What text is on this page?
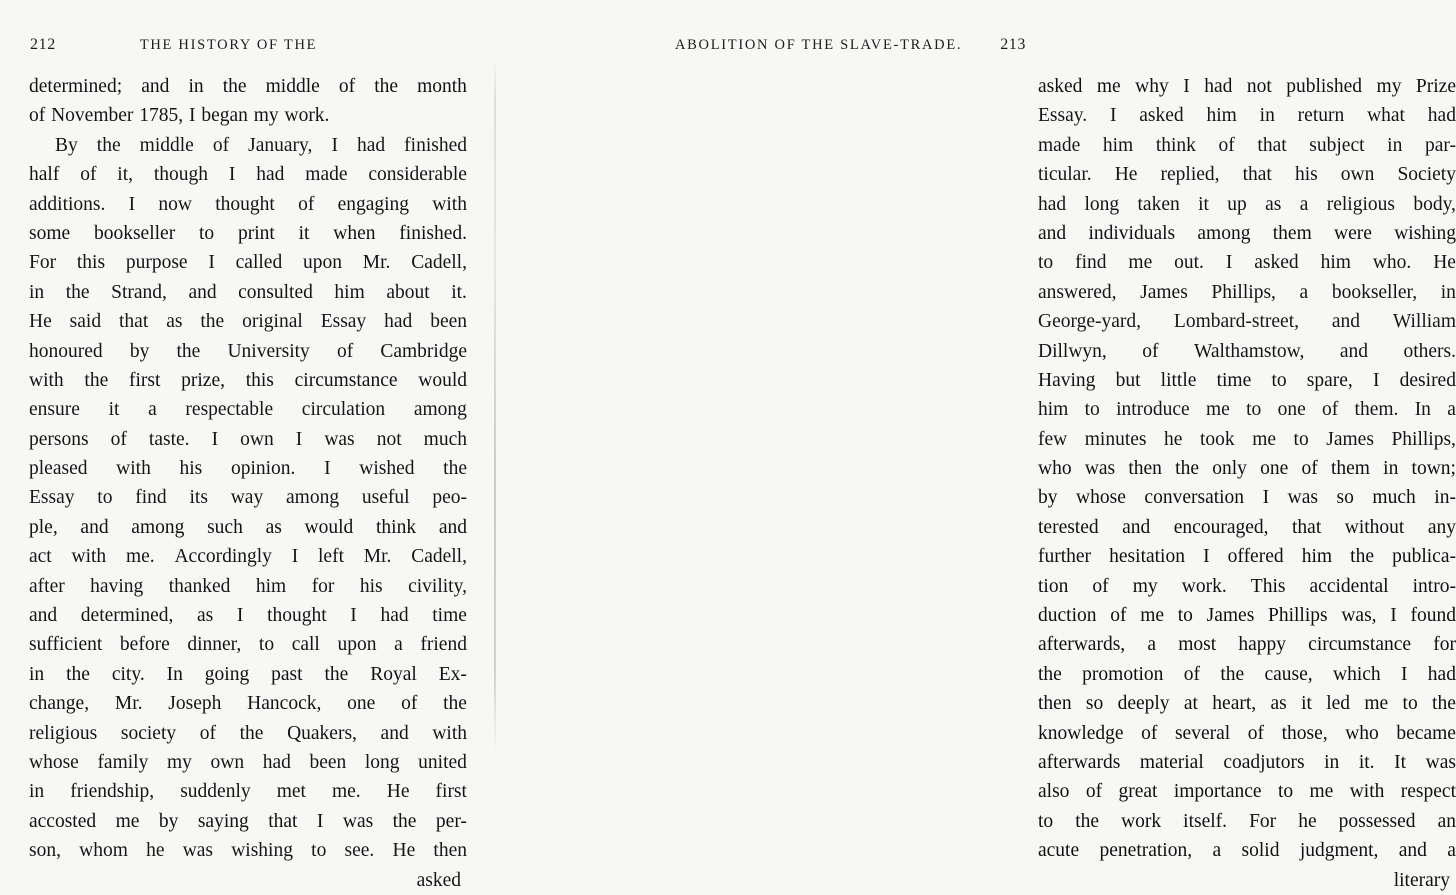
212	THE HISTORY OF THE
determined; and in the middle of the month
of November 1785, I began my work.
By the middle of January, I had finished
half of it, though I had made considerable
additions. I now thought of engaging with
some bookseller to print it when finished.
For this purpose I called upon Mr. Cadell,
in the Strand, and consulted him about it.
He said that as the original Essay had been
honoured by the University of Cambridge
with the first prize, this circumstance would
ensure it a respectable circulation among
persons of taste. I own I was not much
pleased with his opinion. I wished the
Essay to find its way among useful peo-
ple, and among such as would think and
act with me. Accordingly I left Mr. Cadell,
after having thanked him for his civility,
and determined, as I thought I had time
sufficient before dinner, to call upon a friend
in the city. In going past the Royal Ex-
change, Mr. Joseph Hancock, one of the
religious society of the Quakers, and with
whose family my own had been long united
in friendship, suddenly met me. He first
accosted me by saying that I was the per-
son, whom he was wishing to see. He then
asked
ABOLITION OF THE SLAVE-TRADE. 213
asked me why I had not published my Prize
Essay. I asked him in return what had
made him think of that subject in par-
ticular. He replied, that his own Society
had long taken it up as a religious body,
and individuals among them were wishing
to find me out. I asked him who. He
answered, James Phillips, a bookseller, in
George-yard, Lombard-street, and William
Dillwyn, of Walthamstow, and others.
Having but little time to spare, I desired
him to introduce me to one of them. In a
few minutes he took me to James Phillips,
who was then the only one of them in town;
by whose conversation I was so much in-
terested and encouraged, that without any
further hesitation I offered him the publica-
tion of my work. This accidental intro-
duction of me to James Phillips was, I found
afterwards, a most happy circumstance for
the promotion of the cause, which I had
then so deeply at heart, as it led me to the
knowledge of several of those, who became
afterwards material coadjutors in it. It was
also of great importance to me with respect
to the work itself. For he possessed an
acute penetration, a solid judgment, and a
literary
